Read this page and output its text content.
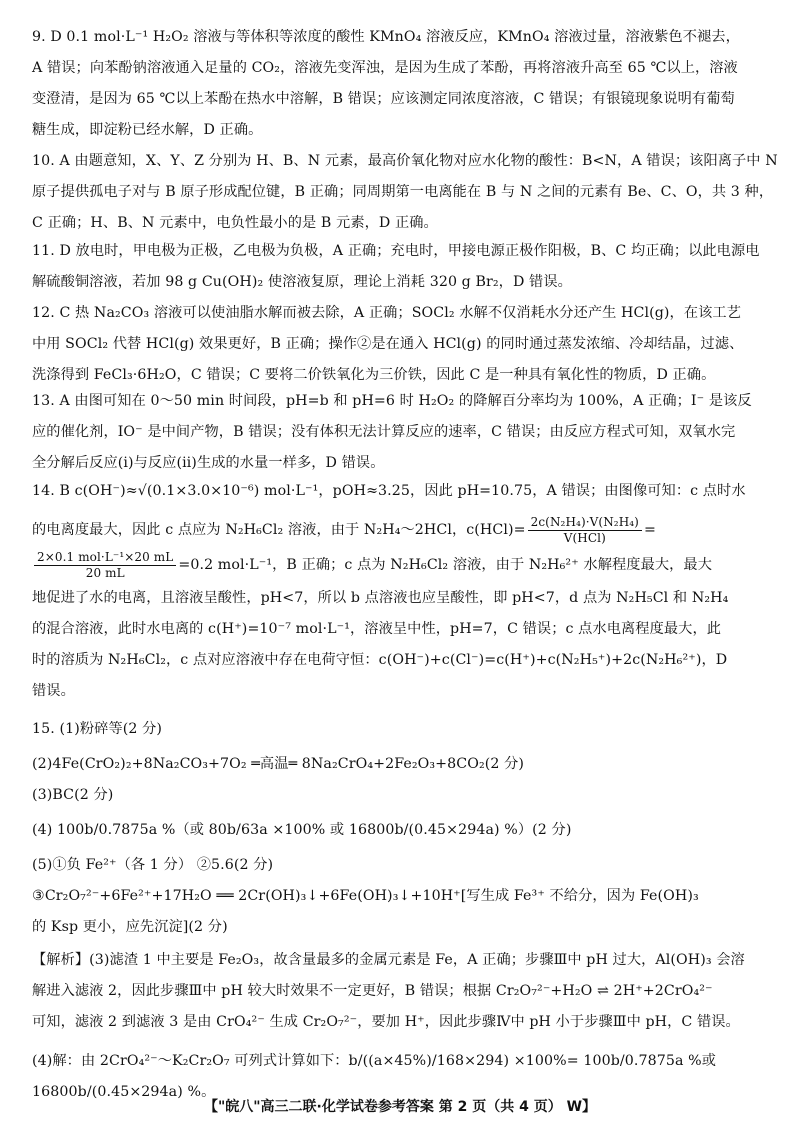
9. D 0.1 mol·L⁻¹ H₂O₂ 溶液与等体积等浓度的酸性 KMnO₄ 溶液反应，KMnO₄ 溶液过量，溶液紫色不褪去，

A 错误；向苯酚钠溶液通入足量的 CO₂，溶液先变浑浊，是因为生成了苯酚，再将溶液升高至 65 ℃以上，溶液

变澄清，是因为 65 ℃以上苯酚在热水中溶解，B 错误；应该测定同浓度溶液，C 错误；有银镜现象说明有葡萄

糖生成，即淀粉已经水解，D 正确。

10. A 由题意知，X、Y、Z 分别为 H、B、N 元素，最高价氧化物对应水化物的酸性：B<N，A 错误；该阳离子中 N

原子提供孤电子对与 B 原子形成配位键，B 正确；同周期第一电离能在 B 与 N 之间的元素有 Be、C、O，共 3 种，

C 正确；H、B、N 元素中，电负性最小的是 B 元素，D 正确。

11. D 放电时，甲电极为正极，乙电极为负极，A 正确；充电时，甲接电源正极作阳极，B、C 均正确；以此电源电

解硫酸铜溶液，若加 98 g Cu(OH)₂ 使溶液复原，理论上消耗 320 g Br₂，D 错误。

12. C 热 Na₂CO₃ 溶液可以使油脂水解而被去除，A 正确；SOCl₂ 水解不仅消耗水分还产生 HCl(g)，在该工艺

中用 SOCl₂ 代替 HCl(g) 效果更好，B 正确；操作②是在通入 HCl(g) 的同时通过蒸发浓缩、冷却结晶，过滤、

洗涤得到 FeCl₃·6H₂O，C 错误；C 要将二价铁氧化为三价铁，因此 C 是一种具有氧化性的物质，D 正确。

13. A 由图可知在 0～50 min 时间段，pH=b 和 pH=6 时 H₂O₂ 的降解百分率均为 100%，A 正确；I⁻ 是该反

应的催化剂，IO⁻ 是中间产物，B 错误；没有体积无法计算反应的速率，C 错误；由反应方程式可知，双氧水完

全分解后反应(ⅰ)与反应(ⅱ)生成的水量一样多，D 错误。

14. B c(OH⁻)≈√(0.1×3.0×10⁻⁶) mol·L⁻¹，pOH≈3.25，因此 pH=10.75，A 错误；由图像可知：c 点时水

的电离度最大，因此 c 点应为 N₂H₆Cl₂ 溶液，由于 N₂H₄～2HCl，$c(HCl)= \frac{\text{2c(N₂H₄)·V(N₂H₄)}}{\text{V(HCl)}}$ =

$\frac{\text{2×0.1 mol·L⁻¹×20 mL}}{20 mL} =0.2$ mol·L⁻¹，B 正确；c 点为 N₂H₆Cl₂ 溶液，由于 N₂H₆²⁺ 水解程度最大，最大

地促进了水的电离，且溶液呈酸性，pH<7，所以 b 点溶液也应呈酸性，即 pH<7，d 点为 N₂H₅Cl 和 N₂H₄

的混合溶液，此时水电离的 c(H⁺)=10⁻⁷ mol·L⁻¹，溶液呈中性，pH=7，C 错误；c 点水电离程度最大，此

时的溶质为 N₂H₆Cl₂，c 点对应溶液中存在电荷守恒：c(OH⁻)+c(Cl⁻)=c(H⁺)+c(N₂H₅⁺)+2c(N₂H₆²⁺)，D

错误。

15. (1)粉碎等(2 分)

(2)4Fe(CrO₂)₂+8Na₂CO₃+7O₂ ═高温═ 8Na₂CrO₄+2Fe₂O₃+8CO₂(2 分)

(3)BC(2 分)

(4) 100b/0.7875a %（或 80b/63a ×100% 或 16800b/(0.45×294a) %）(2 分)

(5)①负 Fe²⁺（各 1 分） ②5.6(2 分)

③Cr₂O₇²⁻+6Fe²⁺+17H₂O ══ 2Cr(OH)₃↓+6Fe(OH)₃↓+10H⁺[写生成 Fe³⁺ 不给分，因为 Fe(OH)₃

的 Ksp 更小，应先沉淀](2 分)

【解析】(3)滤渣 1 中主要是 Fe₂O₃，故含量最多的金属元素是 Fe，A 正确；步骤Ⅲ中 pH 过大，Al(OH)₃ 会溶

解进入滤液 2，因此步骤Ⅲ中 pH 较大时效果不一定更好，B 错误；根据 Cr₂O₇²⁻+H₂O ⇌ 2H⁺+2CrO₄²⁻

可知，滤液 2 到滤液 3 是由 CrO₄²⁻ 生成 Cr₂O₇²⁻，要加 H⁺，因此步骤Ⅳ中 pH 小于步骤Ⅲ中 pH，C 错误。

(4)解：由 2CrO₄²⁻～K₂Cr₂O₇ 可列式计算如下：b/((a×45%)/168×294) ×100%= 100b/0.7875a %或 16800b/(0.45×294a) %。

【"皖八"高三二联·化学试卷参考答案 第 2 页（共 4 页） W】
